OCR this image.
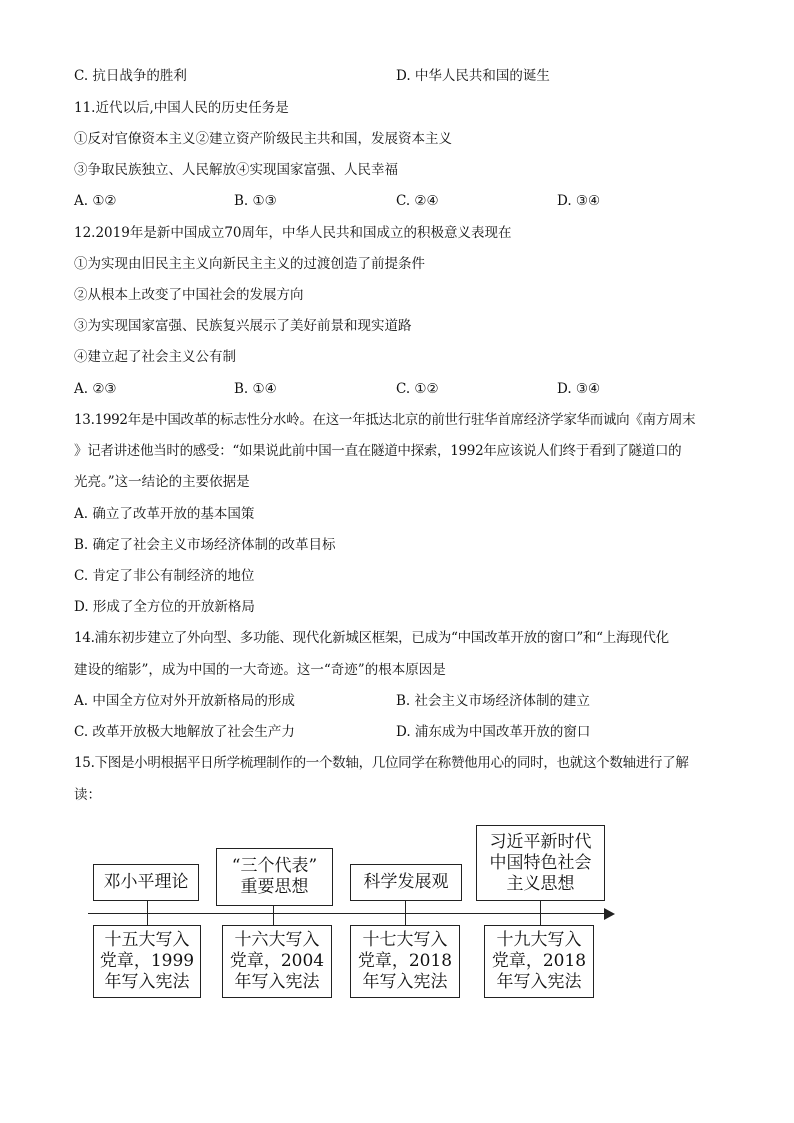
C. 抗日战争的胜利	D. 中华人民共和国的诞生
11.近代以后,中国人民的历史任务是
①反对官僚资本主义②建立资产阶级民主共和国，发展资本主义
③争取民族独立、人民解放④实现国家富强、人民幸福
A. ①②	B. ①③	C. ②④	D. ③④
12.2019年是新中国成立70周年，中华人民共和国成立的积极意义表现在
①为实现由旧民主主义向新民主主义的过渡创造了前提条件
②从根本上改变了中国社会的发展方向
③为实现国家富强、民族复兴展示了美好前景和现实道路
④建立起了社会主义公有制
A. ②③	B. ①④	C. ①②	D. ③④
13.1992年是中国改革的标志性分水岭。在这一年抵达北京的前世行驻华首席经济学家华而诚向《南方周末
》记者讲述他当时的感受：“如果说此前中国一直在隧道中探索，1992年应该说人们终于看到了隧道口的
光亮。”这一结论的主要依据是
A. 确立了改革开放的基本国策
B. 确定了社会主义市场经济体制的改革目标
C. 肯定了非公有制经济的地位
D. 形成了全方位的开放新格局
14.浦东初步建立了外向型、多功能、现代化新城区框架，已成为“中国改革开放的窗口”和“上海现代化
建设的缩影”，成为中国的一大奇迹。这一“奇迹”的根本原因是
A. 中国全方位对外开放新格局的形成	B. 社会主义市场经济体制的建立
C. 改革开放极大地解放了社会生产力	D. 浦东成为中国改革开放的窗口
15.下图是小明根据平日所学梳理制作的一个数轴，几位同学在称赞他用心的同时，也就这个数轴进行了解
读：
邓小平理论
“三个代表”
重要思想	科学发展观
习近平新时代
中国特色社会
主义思想
十五大写入
党章，1999
年写入宪法
十六大写入
党章，2004
年写入宪法
十七大写入
党章，2018
年写入宪法
十九大写入
党章，2018
年写入宪法
